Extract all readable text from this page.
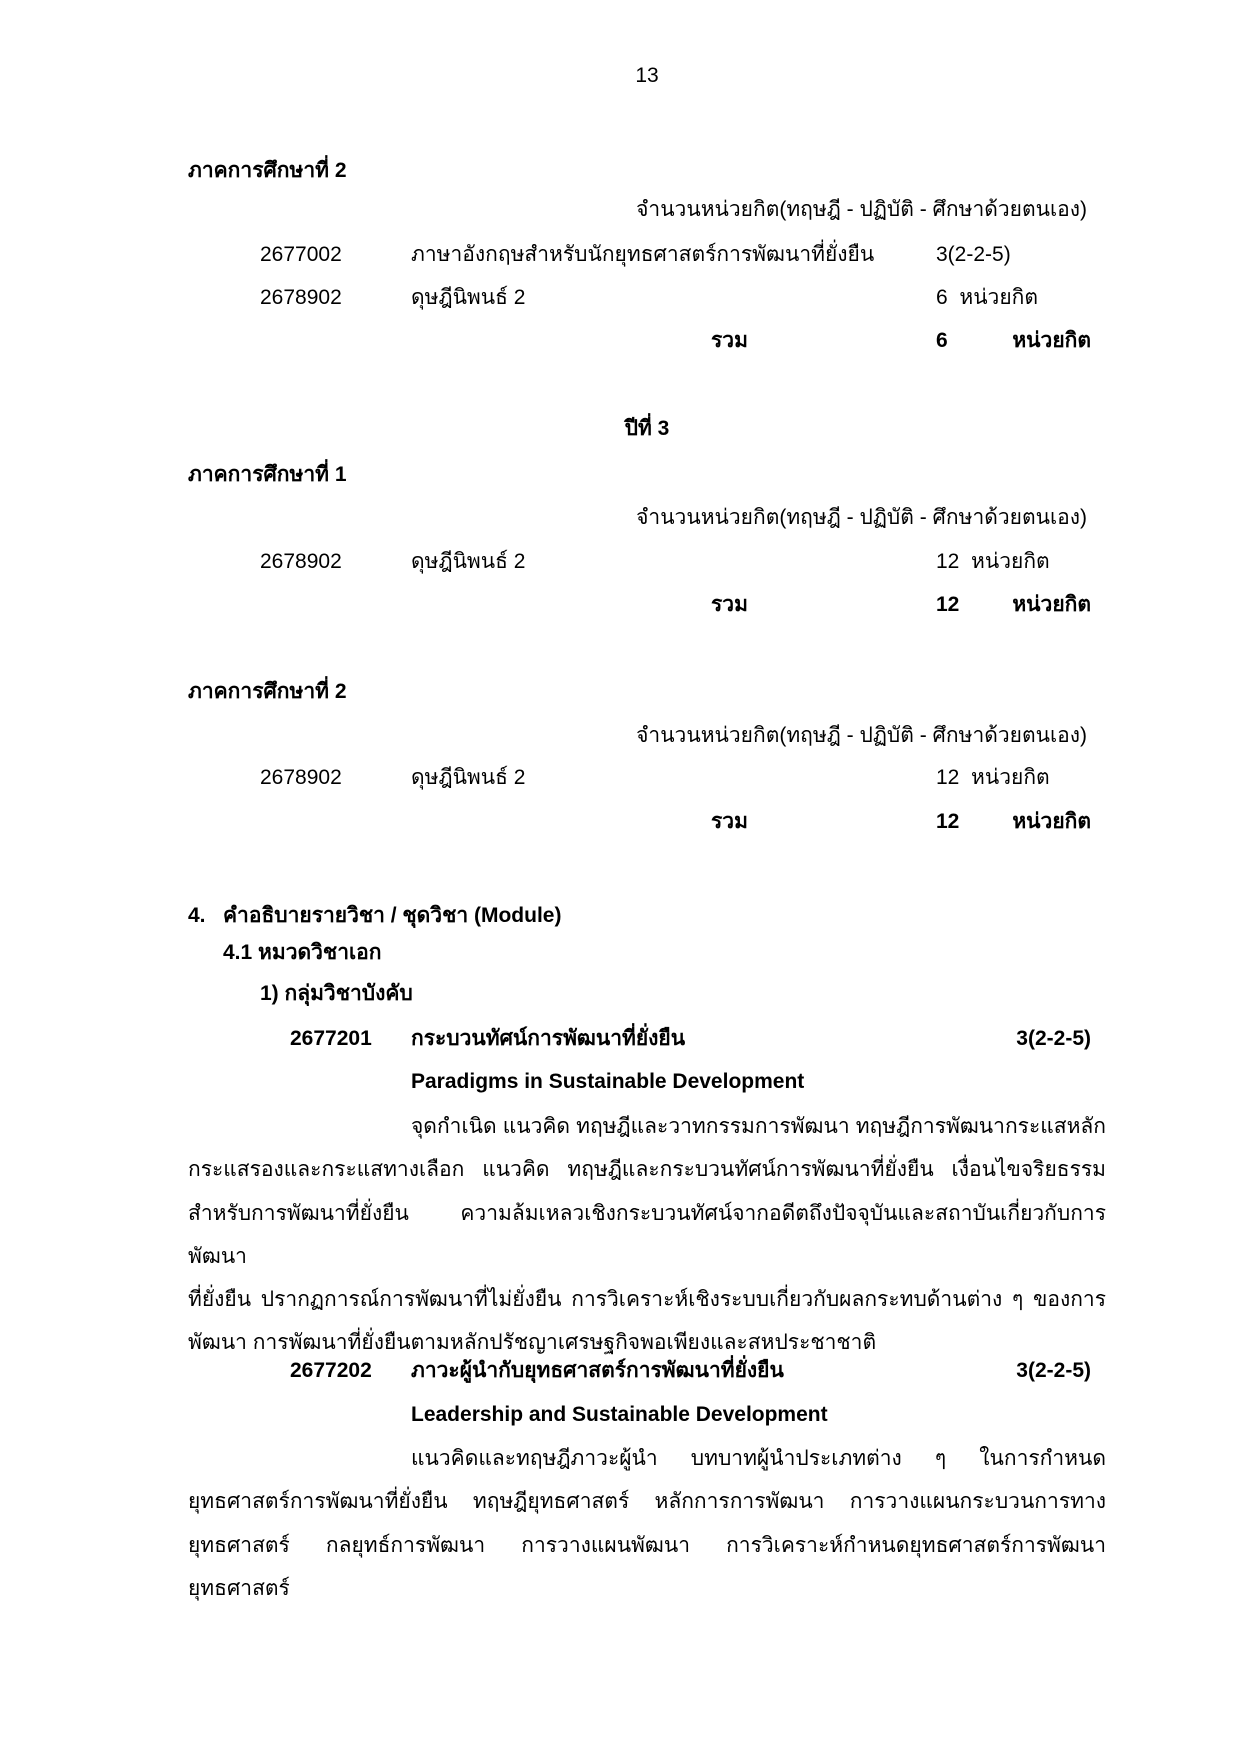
13
ภาคการศึกษาที่ 2
จำนวนหน่วยกิต(ทฤษฎี - ปฏิบัติ - ศึกษาด้วยตนเอง)
2677002	ภาษาอังกฤษสำหรับนักยุทธศาสตร์การพัฒนาที่ยั่งยืน	3(2-2-5)
2678902	ดุษฎีนิพนธ์ 2	6  หน่วยกิต
รวม	6	หน่วยกิต
ปีที่ 3
ภาคการศึกษาที่ 1
จำนวนหน่วยกิต(ทฤษฎี - ปฏิบัติ - ศึกษาด้วยตนเอง)
2678902	ดุษฎีนิพนธ์ 2	12  หน่วยกิต
รวม	12	หน่วยกิต
ภาคการศึกษาที่ 2
จำนวนหน่วยกิต(ทฤษฎี - ปฏิบัติ - ศึกษาด้วยตนเอง)
2678902	ดุษฎีนิพนธ์ 2	12  หน่วยกิต
รวม	12	หน่วยกิต
4. คำอธิบายรายวิชา / ชุดวิชา (Module)
4.1 หมวดวิชาเอก
1) กลุ่มวิชาบังคับ
2677201 กระบวนทัศน์การพัฒนาที่ยั่งยืน	3(2-2-5)
Paradigms in Sustainable Development
จุดกำเนิด แนวคิด ทฤษฎีและวาทกรรมการพัฒนา ทฤษฎีการพัฒนากระแสหลัก
กระแสรองและกระแสทางเลือก แนวคิด ทฤษฎีและกระบวนทัศน์การพัฒนาที่ยั่งยืน เงื่อนไขจริยธรรม
สำหรับการพัฒนาที่ยั่งยืน ความล้มเหลวเชิงกระบวนทัศน์จากอดีตถึงปัจจุบันและสถาบันเกี่ยวกับการพัฒนา
ที่ยั่งยืน ปรากฏการณ์การพัฒนาที่ไม่ยั่งยืน การวิเคราะห์เชิงระบบเกี่ยวกับผลกระทบด้านต่าง ๆ ของการ
พัฒนา การพัฒนาที่ยั่งยืนตามหลักปรัชญาเศรษฐกิจพอเพียงและสหประชาชาติ
2677202 ภาวะผู้นำกับยุทธศาสตร์การพัฒนาที่ยั่งยืน	3(2-2-5)
Leadership and Sustainable Development
แนวคิดและทฤษฎีภาวะผู้นำ บทบาทผู้นำประเภทต่าง ๆ ในการกำหนด
ยุทธศาสตร์การพัฒนาที่ยั่งยืน ทฤษฎียุทธศาสตร์ หลักการการพัฒนา การวางแผนกระบวนการทาง
ยุทธศาสตร์ กลยุทธ์การพัฒนา การวางแผนพัฒนา การวิเคราะห์กำหนดยุทธศาสตร์การพัฒนา ยุทธศาสตร์
